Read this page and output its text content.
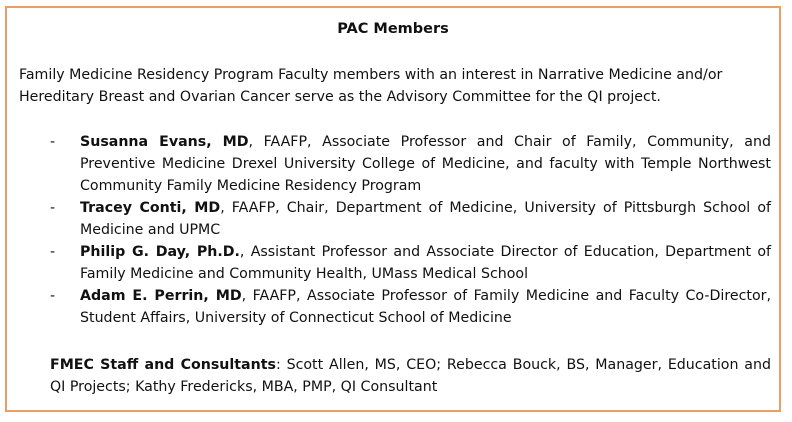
PAC Members
Family Medicine Residency Program Faculty members with an interest in Narrative Medicine and/or Hereditary Breast and Ovarian Cancer serve as the Advisory Committee for the QI project.
- Susanna Evans, MD, FAAFP, Associate Professor and Chair of Family, Community, and Preventive Medicine Drexel University College of Medicine, and faculty with Temple Northwest Community Family Medicine Residency Program
- Tracey Conti, MD, FAAFP, Chair, Department of Medicine, University of Pittsburgh School of Medicine and UPMC
- Philip G. Day, Ph.D., Assistant Professor and Associate Director of Education, Department of Family Medicine and Community Health, UMass Medical School
- Adam E. Perrin, MD, FAAFP, Associate Professor of Family Medicine and Faculty Co-Director, Student Affairs, University of Connecticut School of Medicine
FMEC Staff and Consultants: Scott Allen, MS, CEO; Rebecca Bouck, BS, Manager, Education and QI Projects; Kathy Fredericks, MBA, PMP, QI Consultant
